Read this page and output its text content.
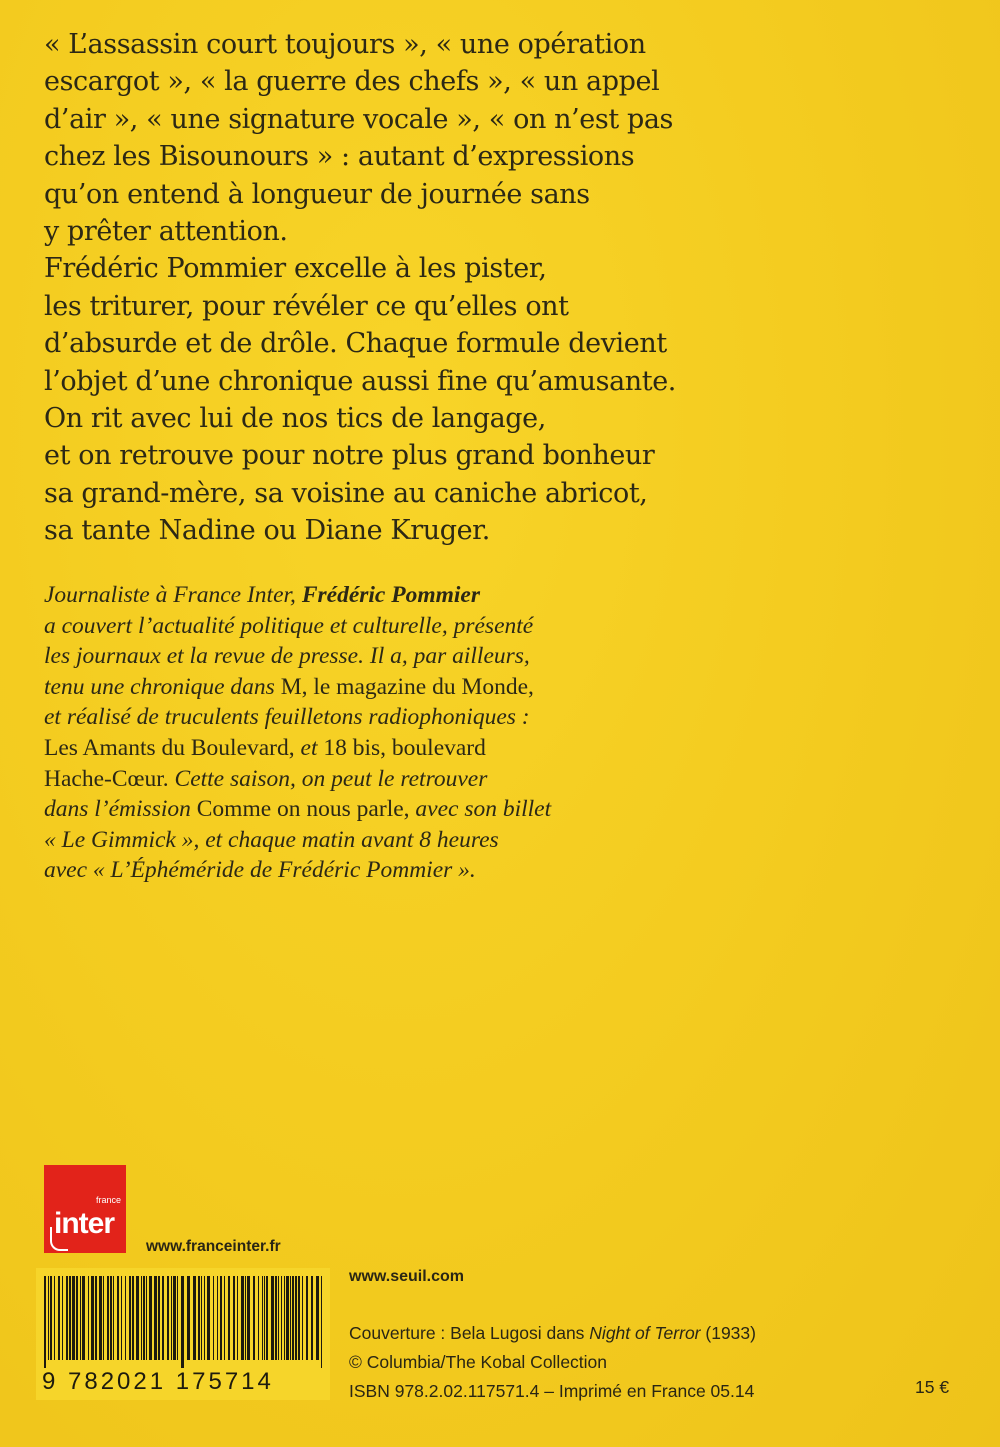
« L’assassin court toujours », « une opération
escargot », « la guerre des chefs », « un appel
d’air », « une signature vocale », « on n’est pas
chez les Bisounours » : autant d’expressions
qu’on entend à longueur de journée sans
y prêter attention.
Frédéric Pommier excelle à les pister,
les triturer, pour révéler ce qu’elles ont
d’absurde et de drôle. Chaque formule devient
l’objet d’une chronique aussi fine qu’amusante.
On rit avec lui de nos tics de langage,
et on retrouve pour notre plus grand bonheur
sa grand-mère, sa voisine au caniche abricot,
sa tante Nadine ou Diane Kruger.
Journaliste à France Inter, Frédéric Pommier
a couvert l’actualité politique et culturelle, présenté
les journaux et la revue de presse. Il a, par ailleurs,
tenu une chronique dans M, le magazine du Monde,
et réalisé de truculents feuilletons radiophoniques :
Les Amants du Boulevard, et 18 bis, boulevard
Hache-Cœur. Cette saison, on peut le retrouver
dans l’émission Comme on nous parle, avec son billet
« Le Gimmick », et chaque matin avant 8 heures
avec « L’Éphéméride de Frédéric Pommier ».
france
inter
www.franceinter.fr
9 782021 175714
www.seuil.com
Couverture : Bela Lugosi dans Night of Terror (1933)
© Columbia/The Kobal Collection
ISBN 978.2.02.117571.4 – Imprimé en France 05.14	15 €
